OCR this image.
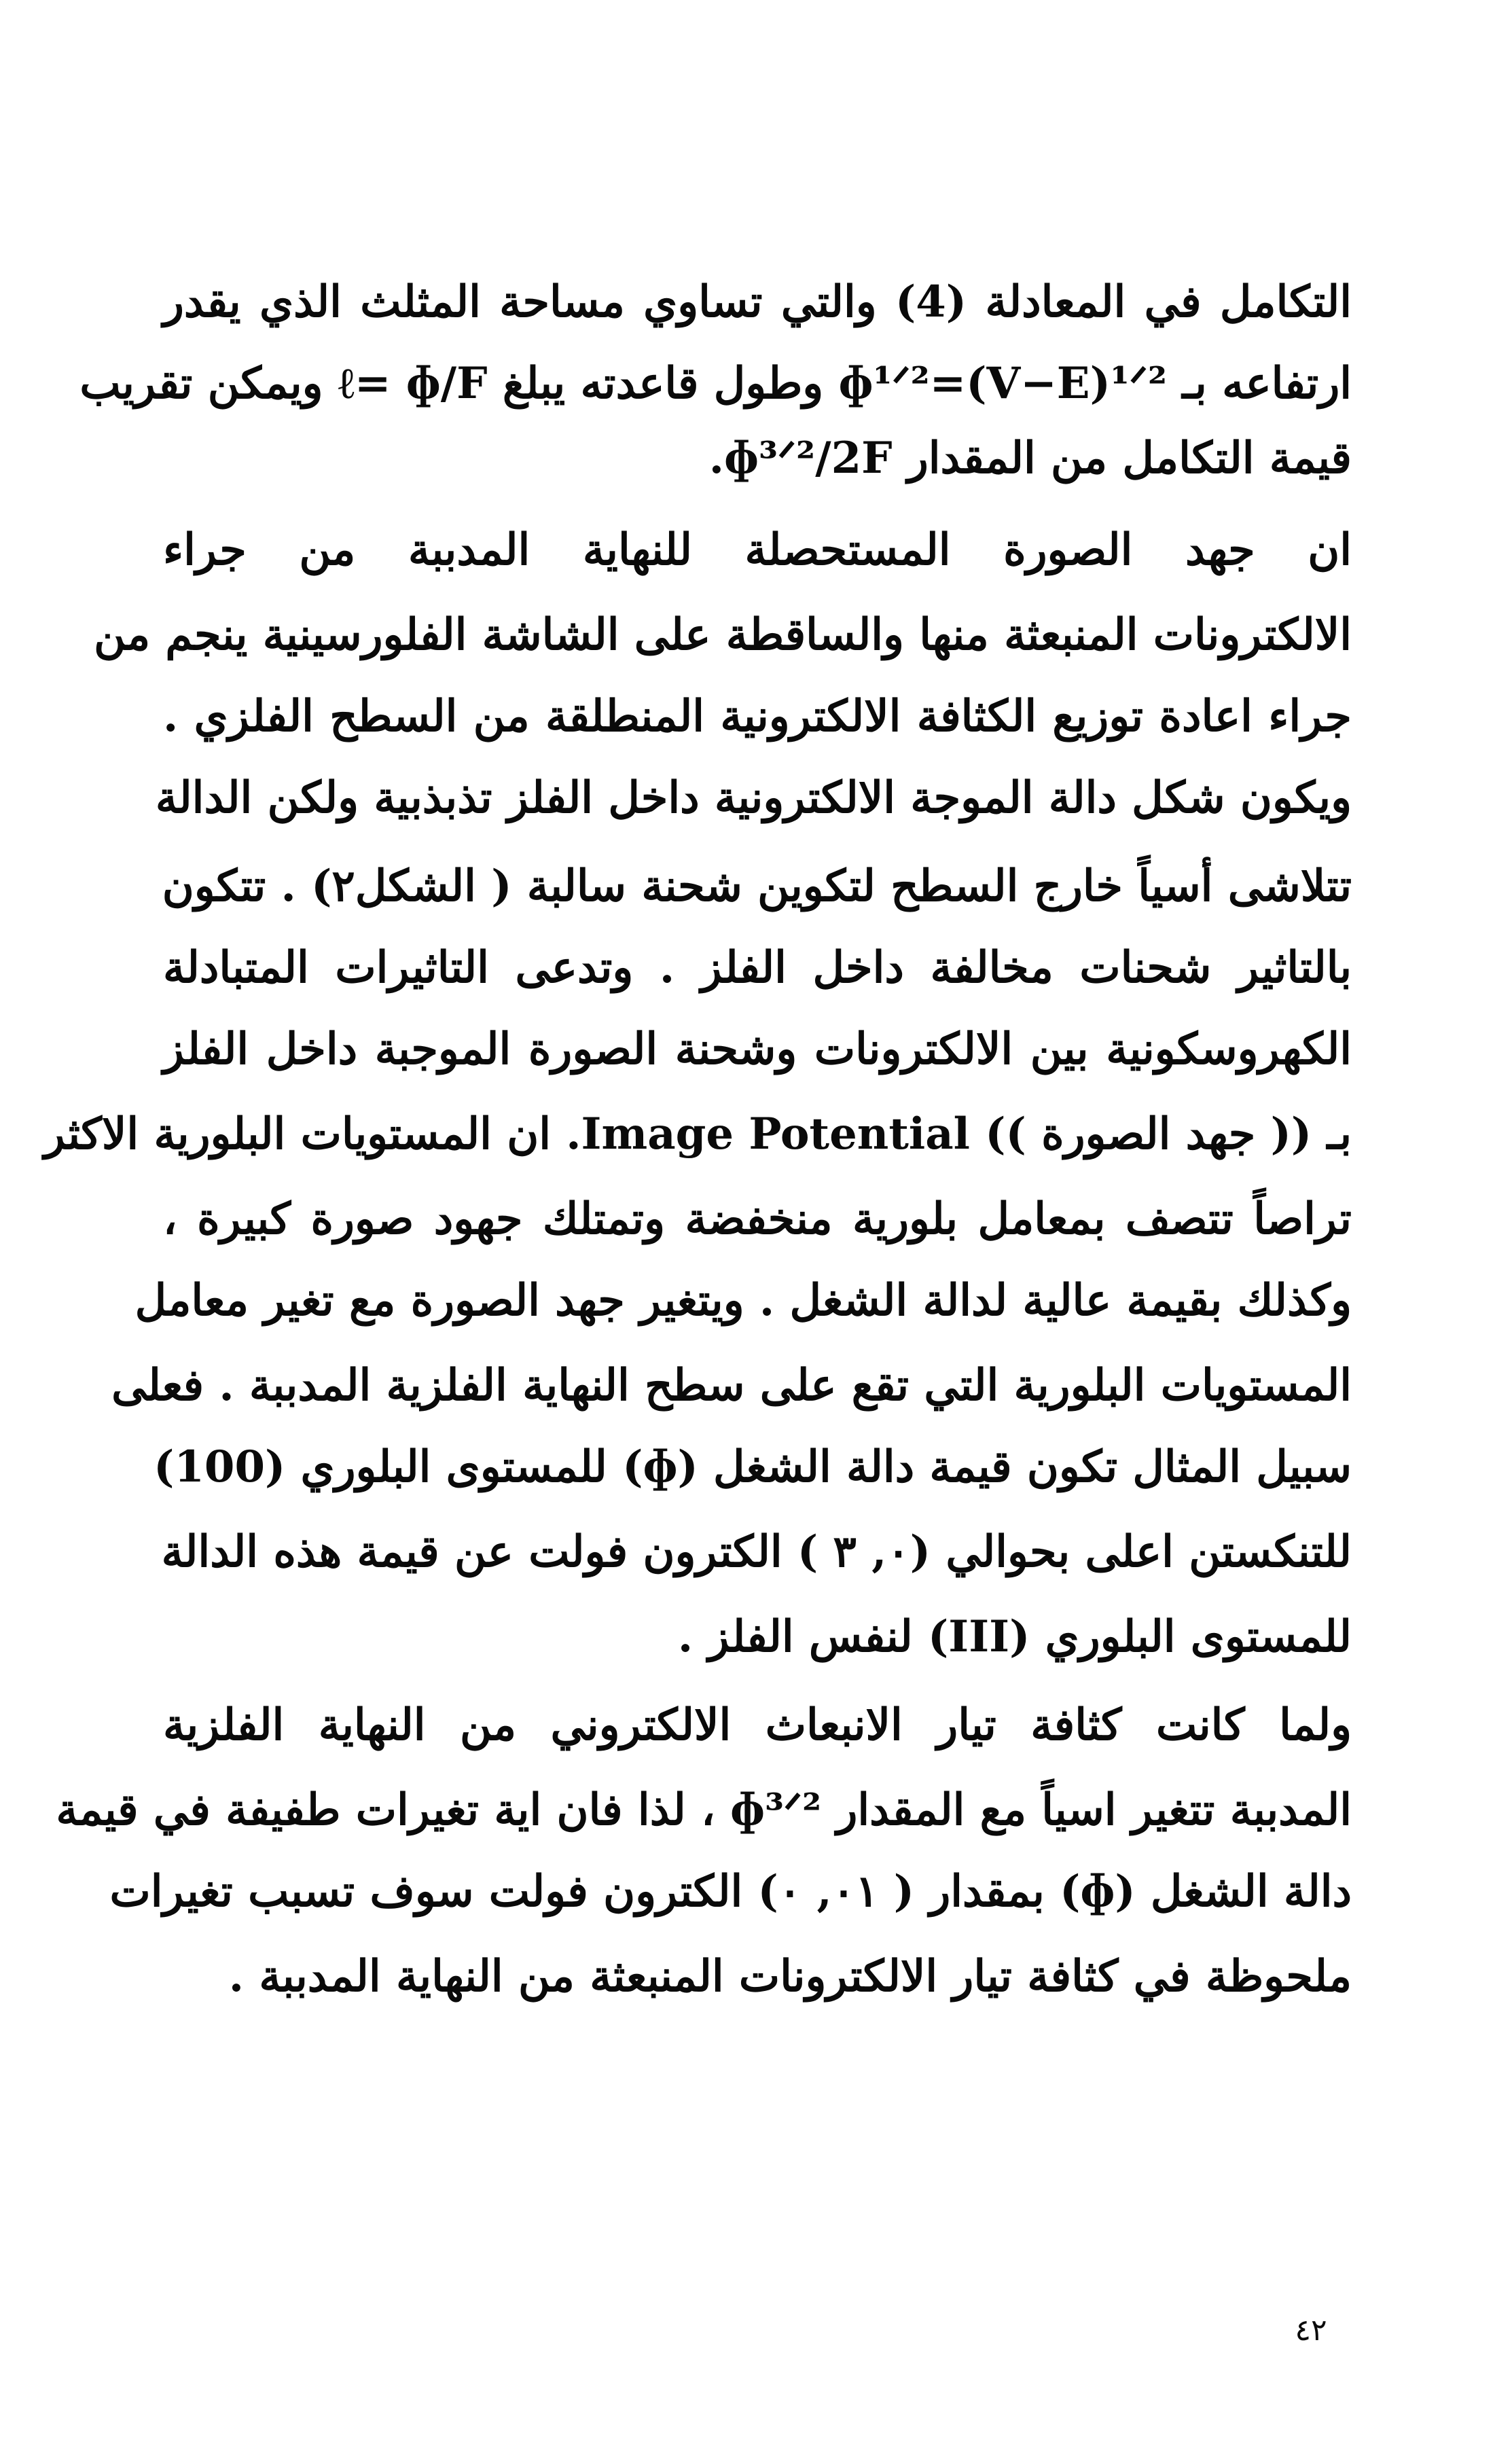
التكامل في المعادلة (4) والتي تساوي مساحة المثلث الذي يقدر
ارتفاعه بـ ɸ¹ᐟ²=(V−E)¹ᐟ² وطول قاعدته يبلغ ℓ= ɸ/F ويمكن تقريب
قيمة التكامل من المقدار ɸ³ᐟ²/2F.
ان جهد الصورة المستحصلة للنهاية المدببة من جراء
الالكترونات المنبعثة منها والساقطة على الشاشة الفلورسينية ينجم من
جراء اعادة توزيع الكثافة الالكترونية المنطلقة من السطح الفلزي .
ويكون شكل دالة الموجة الالكترونية داخل الفلز تذبذبية ولكن الدالة
تتلاشى أسياً خارج السطح لتكوين شحنة سالبة ( الشكل٢) . تتكون
بالتاثير شحنات مخالفة داخل الفلز . وتدعى التاثيرات المتبادلة
الكهروسكونية بين الالكترونات وشحنة الصورة الموجبة داخل الفلز
بـ (( جهد الصورة )) Image Potential. ان المستويات البلورية الاكثر
تراصاً تتصف بمعامل بلورية منخفضة وتمتلك جهود صورة كبيرة ،
وكذلك بقيمة عالية لدالة الشغل . ويتغير جهد الصورة مع تغير معامل
المستويات البلورية التي تقع على سطح النهاية الفلزية المدببة . فعلى
سبيل المثال تكون قيمة دالة الشغل (ɸ) للمستوى البلوري (100)
للتنكستن اعلى بحوالي (٠, ٣ ) الكترون فولت عن قيمة هذه الدالة
للمستوى البلوري (III) لنفس الفلز .
ولما كانت كثافة تيار الانبعاث الالكتروني من النهاية الفلزية
المدببة تتغير اسياً مع المقدار ɸ³ᐟ² ، لذا فان اية تغيرات طفيفة في قيمة
دالة الشغل (ɸ) بمقدار ( ٠١, ٠) الكترون فولت سوف تسبب تغيرات
ملحوظة في كثافة تيار الالكترونات المنبعثة من النهاية المدببة .
٤٢
